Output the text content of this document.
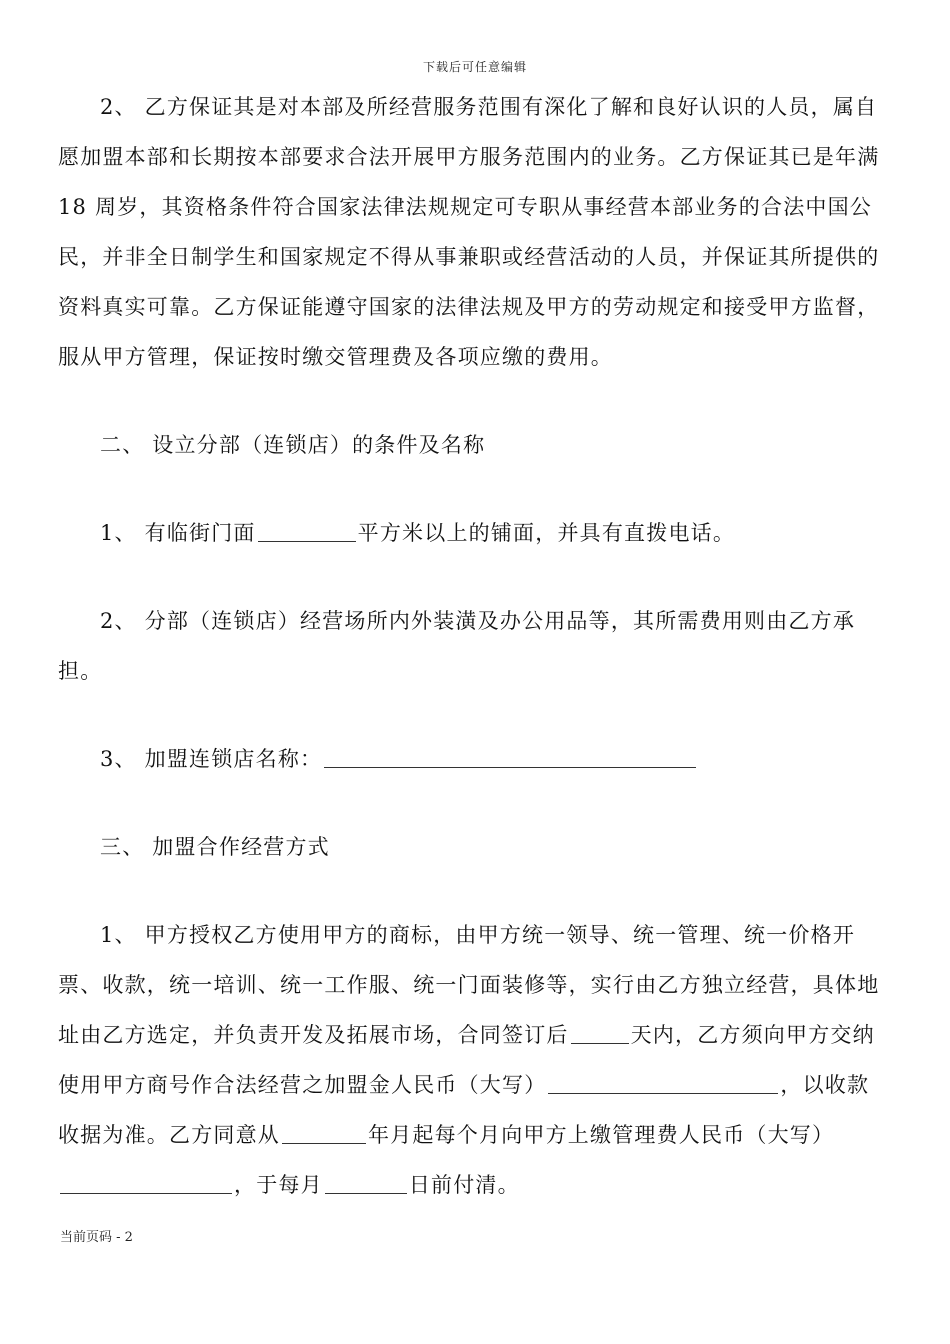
下载后可任意编辑

2、 乙方保证其是对本部及所经营服务范围有深化了解和良好认识的人员，属自愿加盟本部和长期按本部要求合法开展甲方服务范围内的业务。乙方保证其已是年满 18 周岁，其资格条件符合国家法律法规规定可专职从事经营本部业务的合法中国公民，并非全日制学生和国家规定不得从事兼职或经营活动的人员，并保证其所提供的资料真实可靠。乙方保证能遵守国家的法律法规及甲方的劳动规定和接受甲方监督，服从甲方管理，保证按时缴交管理费及各项应缴的费用。

二、 设立分部（连锁店）的条件及名称

1、 有临街门面	平方米以上的铺面，并具有直拨电话。

2、 分部（连锁店）经营场所内外装潢及办公用品等，其所需费用则由乙方承担。

3、 加盟连锁店名称：

三、 加盟合作经营方式

1、 甲方授权乙方使用甲方的商标，由甲方统一领导、统一管理、统一价格开票、收款，统一培训、统一工作服、统一门面装修等，实行由乙方独立经营，具体地址由乙方选定，并负责开发及拓展市场，合同签订后	天内，乙方须向甲方交纳使用甲方商号作合法经营之加盟金人民币（大写）	，以收款收据为准。乙方同意从	年月起每个月向甲方上缴管理费人民币（大写），于每月	日前付清。

当前页码 - 2
